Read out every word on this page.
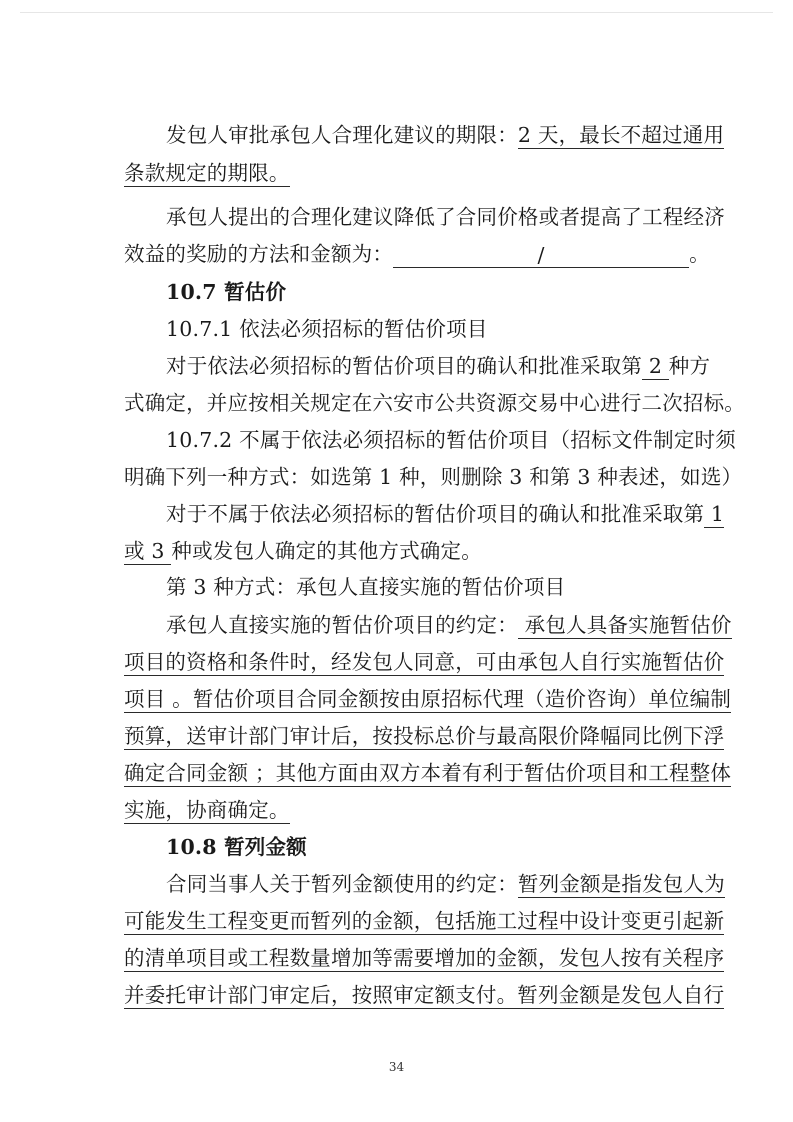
发包人审批承包人合理化建议的期限：2 天，最长不超过通用
条款规定的期限。
承包人提出的合理化建议降低了合同价格或者提高了工程经济
效益的奖励的方法和金额为：	/	。
10.7 暂估价
10.7.1 依法必须招标的暂估价项目
对于依法必须招标的暂估价项目的确认和批准采取第 2 种方
式确定，并应按相关规定在六安市公共资源交易中心进行二次招标。
10.7.2 不属于依法必须招标的暂估价项目（招标文件制定时须
明确下列一种方式：如选第 1 种，则删除 3 和第 3 种表述，如选）
对于不属于依法必须招标的暂估价项目的确认和批准采取第 1
或 3 种或发包人确定的其他方式确定。
第 3 种方式：承包人直接实施的暂估价项目
承包人直接实施的暂估价项目的约定： 承包人具备实施暂估价
项目的资格和条件时，经发包人同意，可由承包人自行实施暂估价
项目 。暂估价项目合同金额按由原招标代理（造价咨询）单位编制
预算，送审计部门审计后，按投标总价与最高限价降幅同比例下浮
确定合同金额 ；其他方面由双方本着有利于暂估价项目和工程整体
实施，协商确定。
10.8 暂列金额
合同当事人关于暂列金额使用的约定：暂列金额是指发包人为
可能发生工程变更而暂列的金额，包括施工过程中设计变更引起新
的清单项目或工程数量增加等需要增加的金额，发包人按有关程序
并委托审计部门审定后，按照审定额支付。暂列金额是发包人自行
34
